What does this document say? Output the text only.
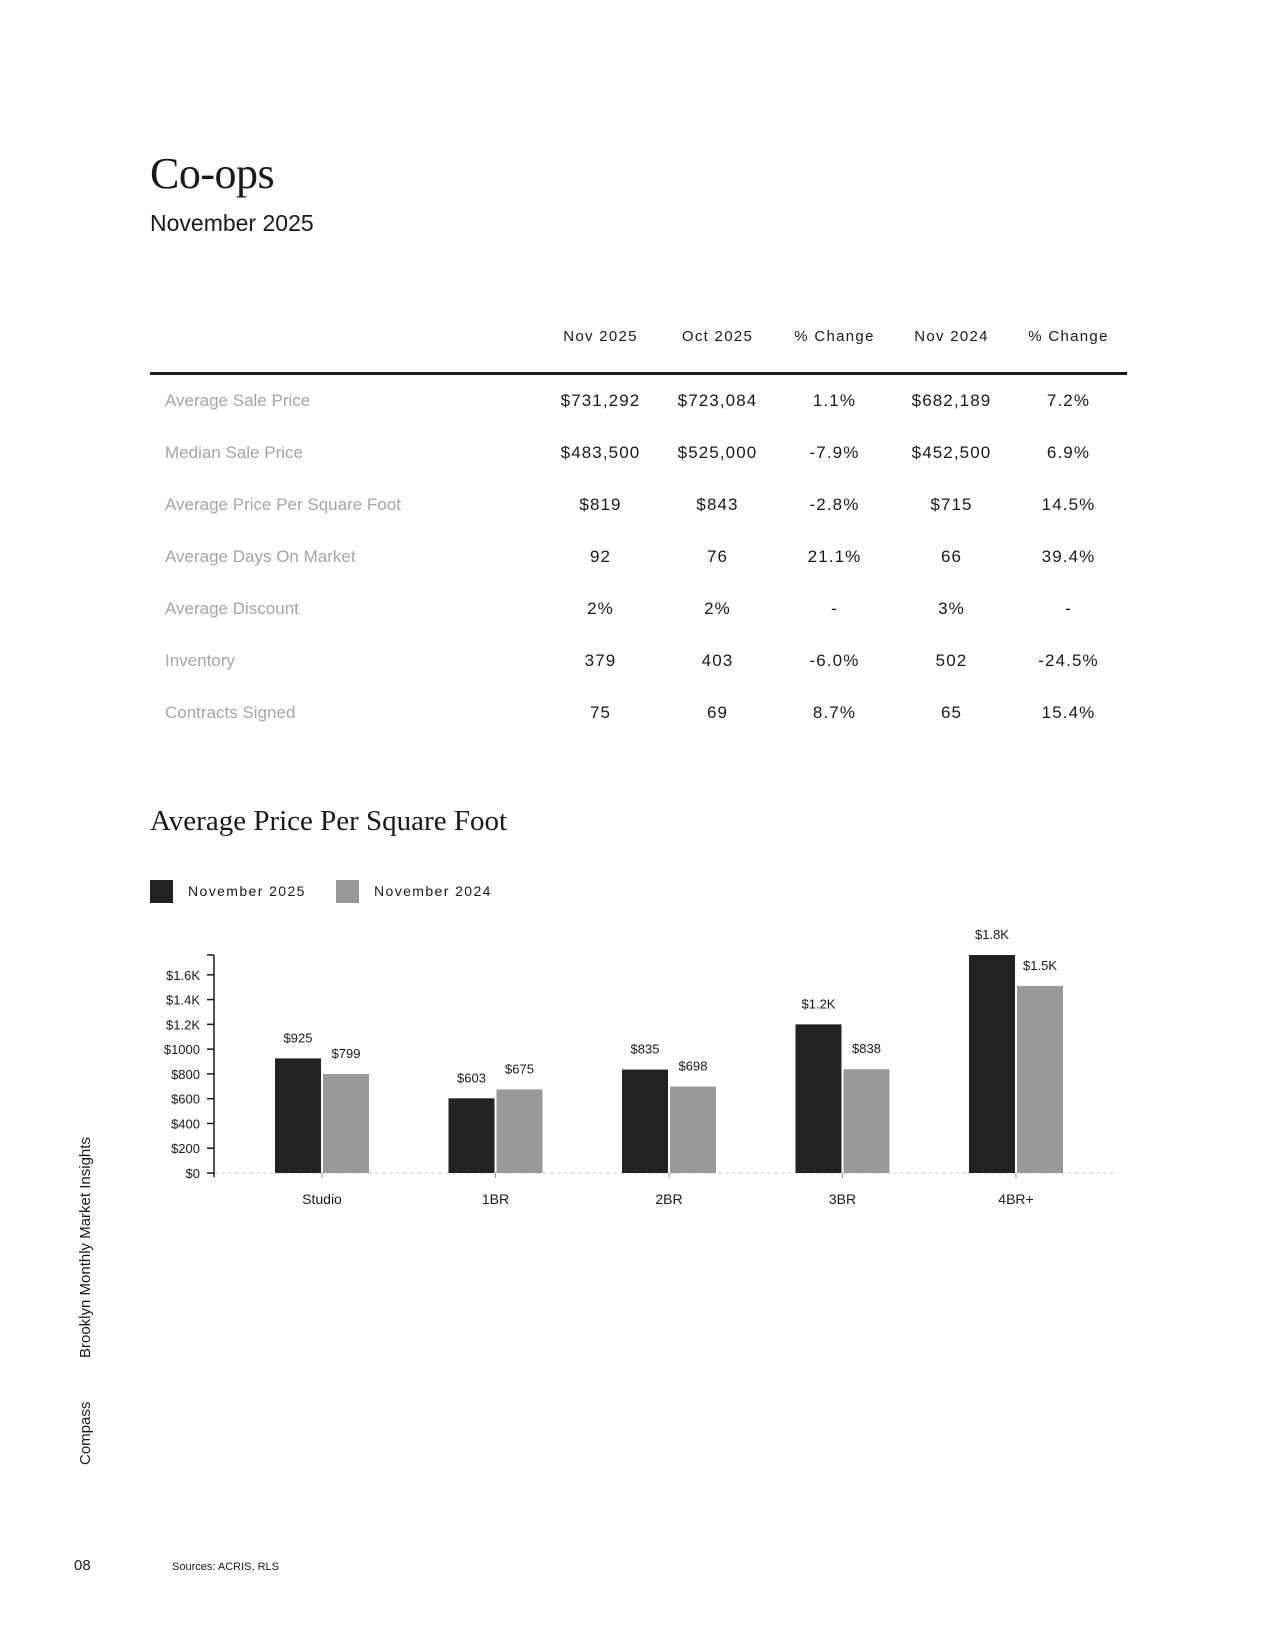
Co-ops
November 2025
	Nov 2025	Oct 2025	% Change	Nov 2024	% Change
Average Sale Price	$731,292	$723,084	1.1%	$682,189	7.2%
Median Sale Price	$483,500	$525,000	-7.9%	$452,500	6.9%
Average Price Per Square Foot	$819	$843	-2.8%	$715	14.5%
Average Days On Market	92	76	21.1%	66	39.4%
Average Discount	2%	2%	-	3%	-
Inventory	379	403	-6.0%	502	-24.5%
Contracts Signed	75	69	8.7%	65	15.4%
Average Price Per Square Foot
November 2025	November 2024
$0
$200
$400
$600
$800
$1000
$1.2K
$1.4K
$1.6K
$925
$799
Studio
$603
$675
1BR
$835
$698
2BR
$1.2K
$838
3BR
$1.8K
$1.5K
4BR+
Compass
Brooklyn Monthly Market Insights
08	Sources: ACRIS, RLS
